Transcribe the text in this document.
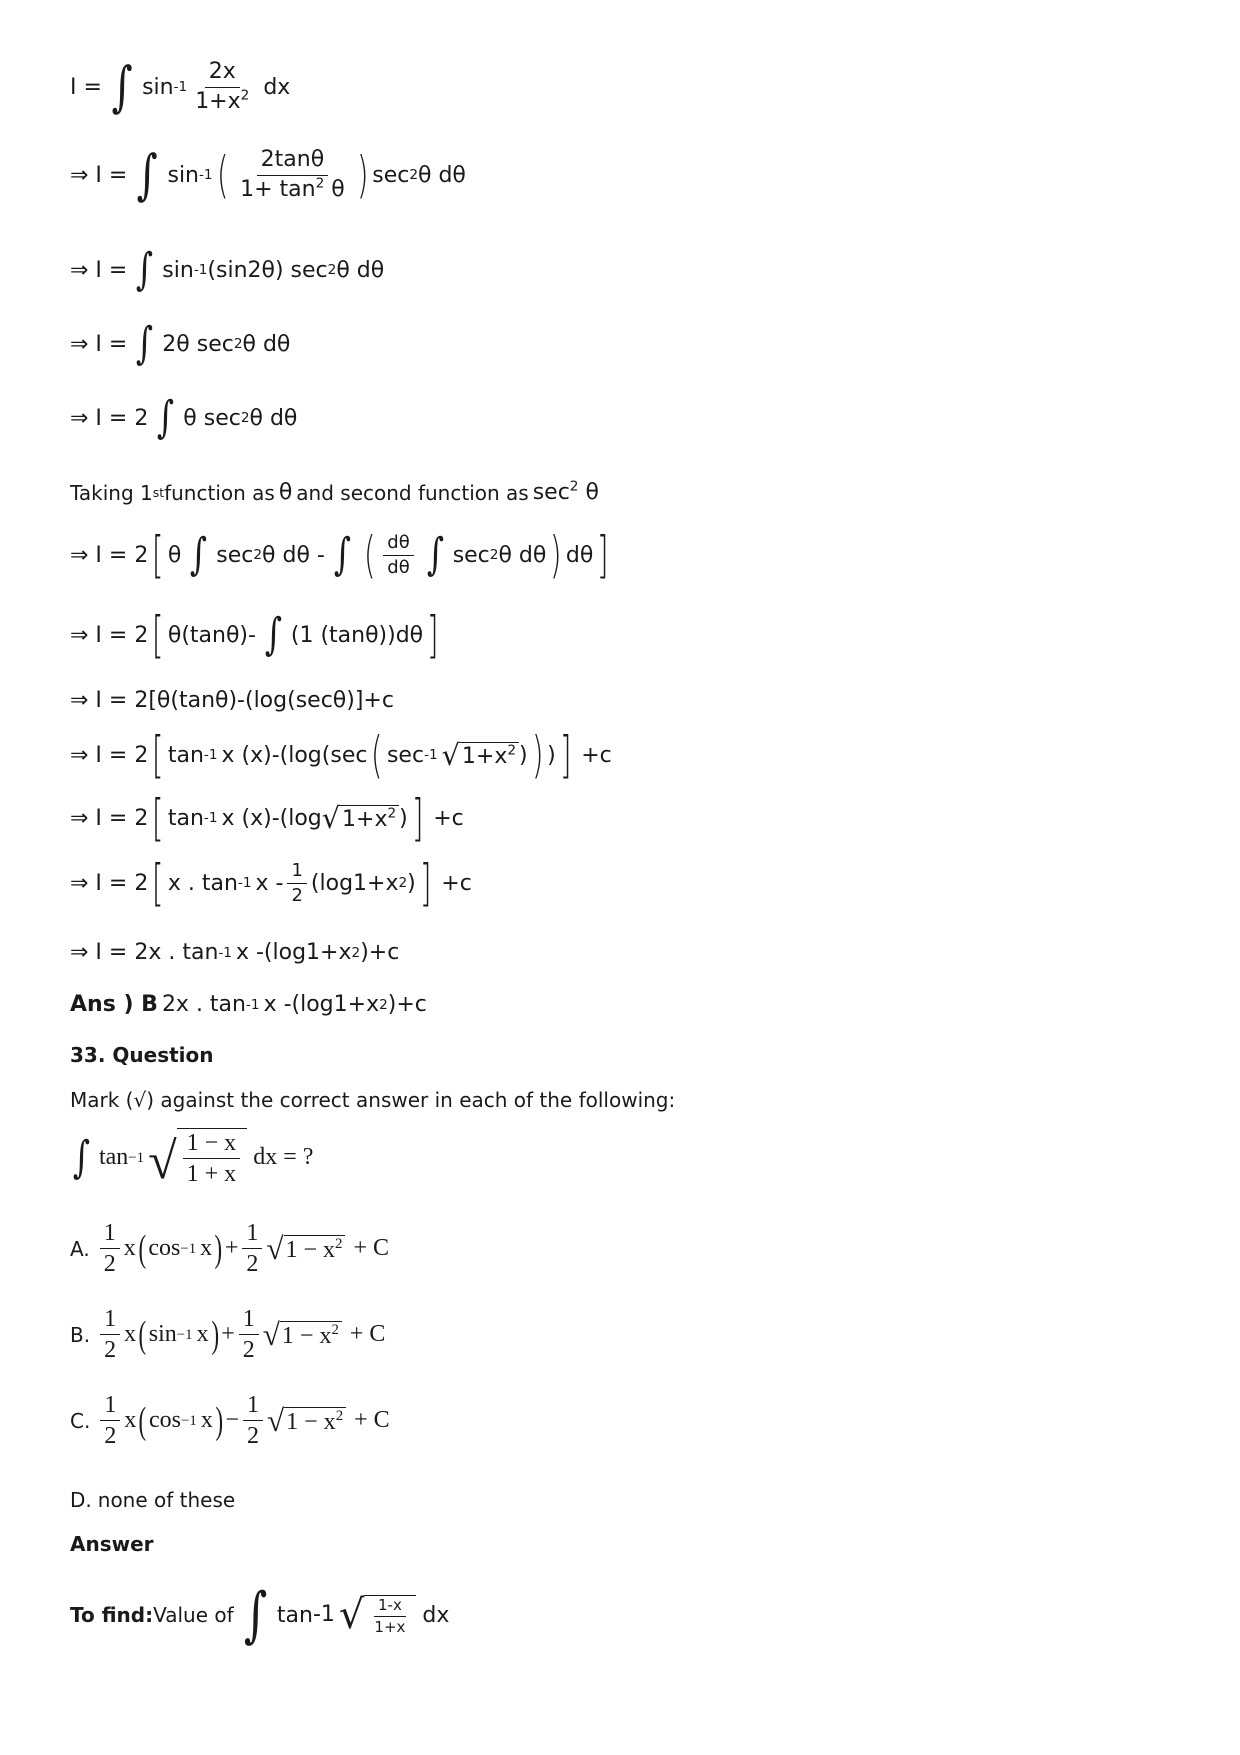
I = ∫ $\sin -1 \frac{2x}{1+x^2}$ dx
⇒ I = ∫ sin -1 ( $\frac{2\tan\theta}{1+ \tan^2 \theta}$ ) sec 2 θ dθ
⇒ I = ∫ sin -1 (sin2θ) sec 2 θ dθ
⇒ I = ∫ 2θ sec 2 θ dθ
⇒ I = 2 ∫ θ sec 2 θ dθ
Taking 1 st function as θ and second function as $\sec^2 \theta$
⇒ I = 2 [ θ ∫ sec 2 θ dθ - ∫ ( $\frac{d\theta}{d\theta}$ ∫ sec 2 θ dθ ) dθ ]
⇒ I = 2 [ θ(tanθ)- ∫ (1 (tanθ))dθ ]
⇒ I = 2[θ(tanθ)-(log(secθ)]+c
⇒ I = 2 [ tan -1 x (x)-(log(sec ( sec -1 √ $1+x^2$ ) ) ) ] +c
⇒ I = 2 [ tan -1 x (x)-(log √ $1+x^2$ ) ] +c
⇒ I = 2 [ x . tan -1 $x - \frac{1}{2} (\log 1+x$ 2 ) ] +c
⇒ I = 2x . tan -1 x -(log1+x 2 )+c
Ans ) B 2x . tan -1 x -(log1+x 2 )+c
33. Question
Mark (√) against the correct answer in each of the following:
∫ tan −1 √ $\frac{1 - x}{1 + x}$ dx = ?
A. $\frac{1}{2}$ x ( cos −1 x ) + $\frac{1}{2}$ √ $1 - x^2 + C$
B. $\frac{1}{2}$ x ( sin −1 x ) + $\frac{1}{2}$ √ $1 - x^2 + C$
C. $\frac{1}{2}$ x ( cos −1 x ) − $\frac{1}{2}$ √ $1 - x^2 + C$
D. none of these
Answer
To find: Value of ∫ tan -1 √ $\frac{1-x}{1+x}$ dx
